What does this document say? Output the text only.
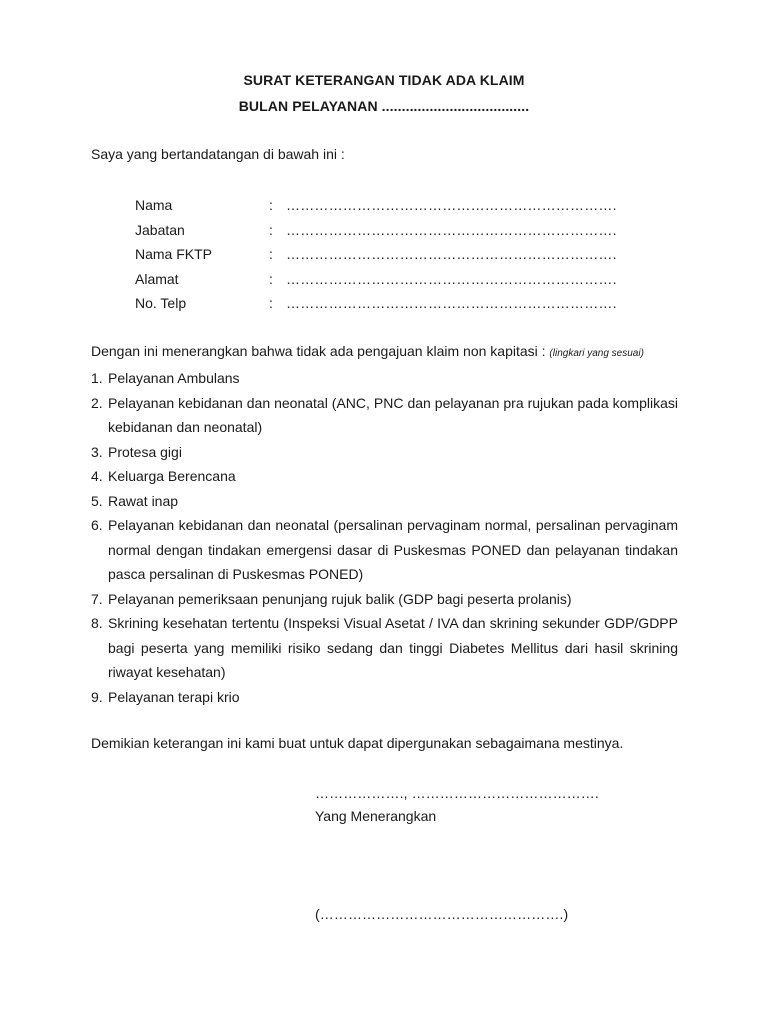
SURAT KETERANGAN TIDAK ADA KLAIM
BULAN PELAYANAN .....................................
Saya yang bertandatangan di bawah ini :
Nama	: …………………………………………………………….
Jabatan	: …………………………………………………………….
Nama FKTP	: …………………………………………………………….
Alamat	: …………………………………………………………….
No. Telp	: …………………………………………………………….
Dengan ini menerangkan bahwa tidak ada pengajuan klaim non kapitasi : (lingkari yang sesuai)
1. Pelayanan Ambulans
2. Pelayanan kebidanan dan neonatal (ANC, PNC dan pelayanan pra rujukan pada komplikasi kebidanan dan neonatal)
3. Protesa gigi
4. Keluarga Berencana
5. Rawat inap
6. Pelayanan kebidanan dan neonatal (persalinan pervaginam normal, persalinan pervaginam normal dengan tindakan emergensi dasar di Puskesmas PONED dan pelayanan tindakan pasca persalinan di Puskesmas PONED)
7. Pelayanan pemeriksaan penunjang rujuk balik (GDP bagi peserta prolanis)
8. Skrining kesehatan tertentu (Inspeksi Visual Asetat / IVA dan skrining sekunder GDP/GDPP bagi peserta yang memiliki risiko sedang dan tinggi Diabetes Mellitus dari hasil skrining riwayat kesehatan)
9. Pelayanan terapi krio
Demikian keterangan ini kami buat untuk dapat dipergunakan sebagaimana mestinya.
………………., ………………………………….
Yang Menerangkan
(…………………………………………….)
